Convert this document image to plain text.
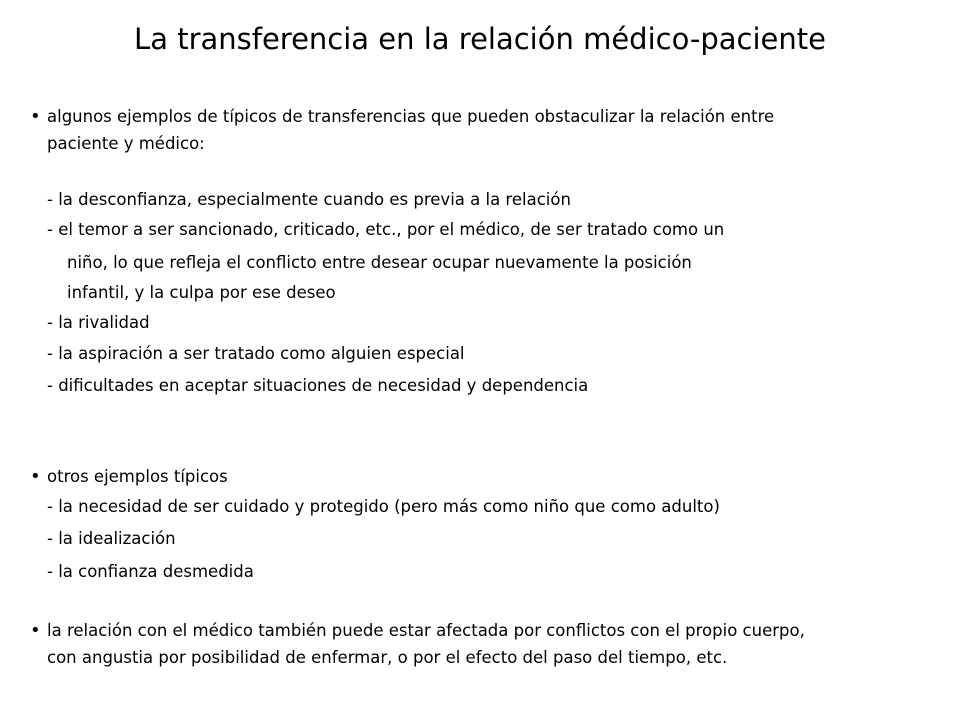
La transferencia en la relación médico-paciente
• algunos ejemplos de típicos de transferencias que pueden obstaculizar la relación entre
paciente y médico:
- la desconfianza, especialmente cuando es previa a la relación
- el temor a ser sancionado, criticado, etc., por el médico, de ser tratado como un
niño, lo que refleja el conflicto entre desear ocupar nuevamente la posición
infantil, y la culpa por ese deseo
- la rivalidad
- la aspiración a ser tratado como alguien especial
- dificultades en aceptar situaciones de necesidad y dependencia
• otros ejemplos típicos
- la necesidad de ser cuidado y protegido (pero más como niño que como adulto)
- la idealización
- la confianza desmedida
• la relación con el médico también puede estar afectada por conflictos con el propio cuerpo,
con angustia por posibilidad de enfermar, o por el efecto del paso del tiempo, etc.
